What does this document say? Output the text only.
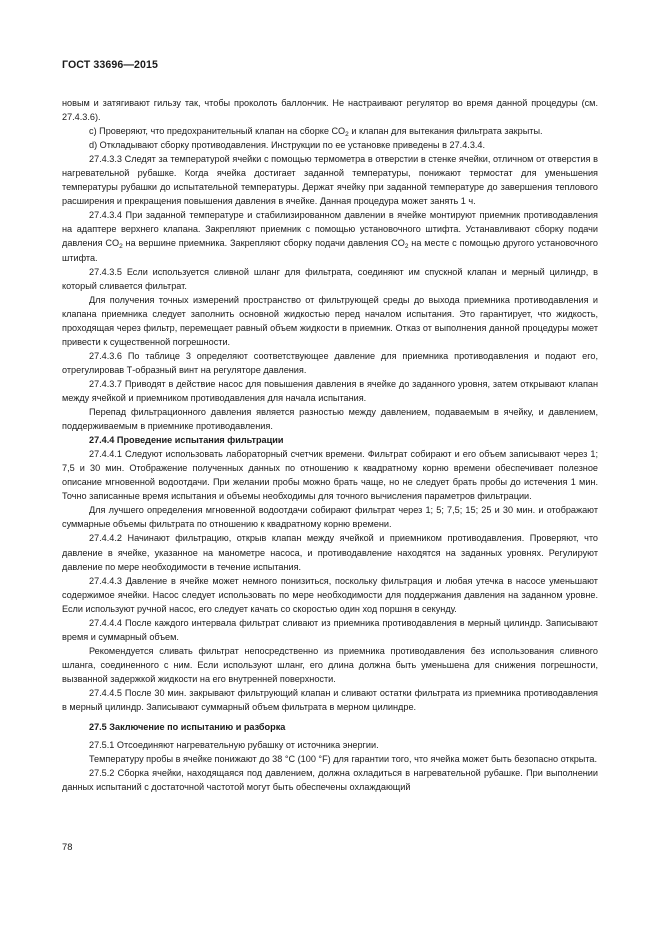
ГОСТ 33696—2015

новым и затягивают гильзу так, чтобы проколоть баллончик. Не настраивают регулятор во время данной процедуры (см. 27.4.3.6).

c) Проверяют, что предохранительный клапан на сборке $CO_2$ и клапан для вытекания фильтрата закрыты.

d) Откладывают сборку противодавления. Инструкции по ее установке приведены в 27.4.3.4.

27.4.3.3 Следят за температурой ячейки с помощью термометра в отверстии в стенке ячейки, отличном от отверстия в нагревательной рубашке. Когда ячейка достигает заданной температуры, понижают термостат для уменьшения температуры рубашки до испытательной температуры. Держат ячейку при заданной температуре до завершения теплового расширения и прекращения повышения давления в ячейке. Данная процедура может занять 1 ч.

27.4.3.4 При заданной температуре и стабилизированном давлении в ячейке монтируют приемник противодавления на адаптере верхнего клапана. Закрепляют приемник с помощью установочного штифта. Устанавливают сборку подачи давления $CO_2$ на вершине приемника. Закрепляют сборку подачи давления $CO_2$ на месте с помощью другого установочного штифта.

27.4.3.5 Если используется сливной шланг для фильтрата, соединяют им спускной клапан и мерный цилиндр, в который сливается фильтрат.

Для получения точных измерений пространство от фильтрующей среды до выхода приемника противодавления и клапана приемника следует заполнить основной жидкостью перед началом испытания. Это гарантирует, что жидкость, проходящая через фильтр, перемещает равный объем жидкости в приемник. Отказ от выполнения данной процедуры может привести к существенной погрешности.

27.4.3.6 По таблице 3 определяют соответствующее давление для приемника противодавления и подают его, отрегулировав Т-образный винт на регуляторе давления.

27.4.3.7 Приводят в действие насос для повышения давления в ячейке до заданного уровня, затем открывают клапан между ячейкой и приемником противодавления для начала испытания.

Перепад фильтрационного давления является разностью между давлением, подаваемым в ячейку, и давлением, поддерживаемым в приемнике противодавления.

27.4.4 Проведение испытания фильтрации

27.4.4.1 Следуют использовать лабораторный счетчик времени. Фильтрат собирают и его объем записывают через 1; 7,5 и 30 мин. Отображение полученных данных по отношению к квадратному корню времени обеспечивает полезное описание мгновенной водоотдачи. При желании пробы можно брать чаще, но не следует брать пробы до истечения 1 мин. Точно записанные время испытания и объемы необходимы для точного вычисления параметров фильтрации.

Для лучшего определения мгновенной водоотдачи собирают фильтрат через 1; 5; 7,5; 15; 25 и 30 мин. и отображают суммарные объемы фильтрата по отношению к квадратному корню времени.

27.4.4.2 Начинают фильтрацию, открыв клапан между ячейкой и приемником противодавления. Проверяют, что давление в ячейке, указанное на манометре насоса, и противодавление находятся на заданных уровнях. Регулируют давление по мере необходимости в течение испытания.

27.4.4.3 Давление в ячейке может немного понизиться, поскольку фильтрация и любая утечка в насосе уменьшают содержимое ячейки. Насос следует использовать по мере необходимости для поддержания давления на заданном уровне. Если используют ручной насос, его следует качать со скоростью один ход поршня в секунду.

27.4.4.4 После каждого интервала фильтрат сливают из приемника противодавления в мерный цилиндр. Записывают время и суммарный объем.

Рекомендуется сливать фильтрат непосредственно из приемника противодавления без использования сливного шланга, соединенного с ним. Если используют шланг, его длина должна быть уменьшена для снижения погрешности, вызванной задержкой жидкости на его внутренней поверхности.

27.4.4.5 После 30 мин. закрывают фильтрующий клапан и сливают остатки фильтрата из приемника противодавления в мерный цилиндр. Записывают суммарный объем фильтрата в мерном цилиндре.

27.5 Заключение по испытанию и разборка

27.5.1 Отсоединяют нагревательную рубашку от источника энергии.

Температуру пробы в ячейке понижают до 38 °C (100 °F) для гарантии того, что ячейка может быть безопасно открыта.

27.5.2 Сборка ячейки, находящаяся под давлением, должна охладиться в нагревательной рубашке. При выполнении данных испытаний с достаточной частотой могут быть обеспечены охлаждающий

78
